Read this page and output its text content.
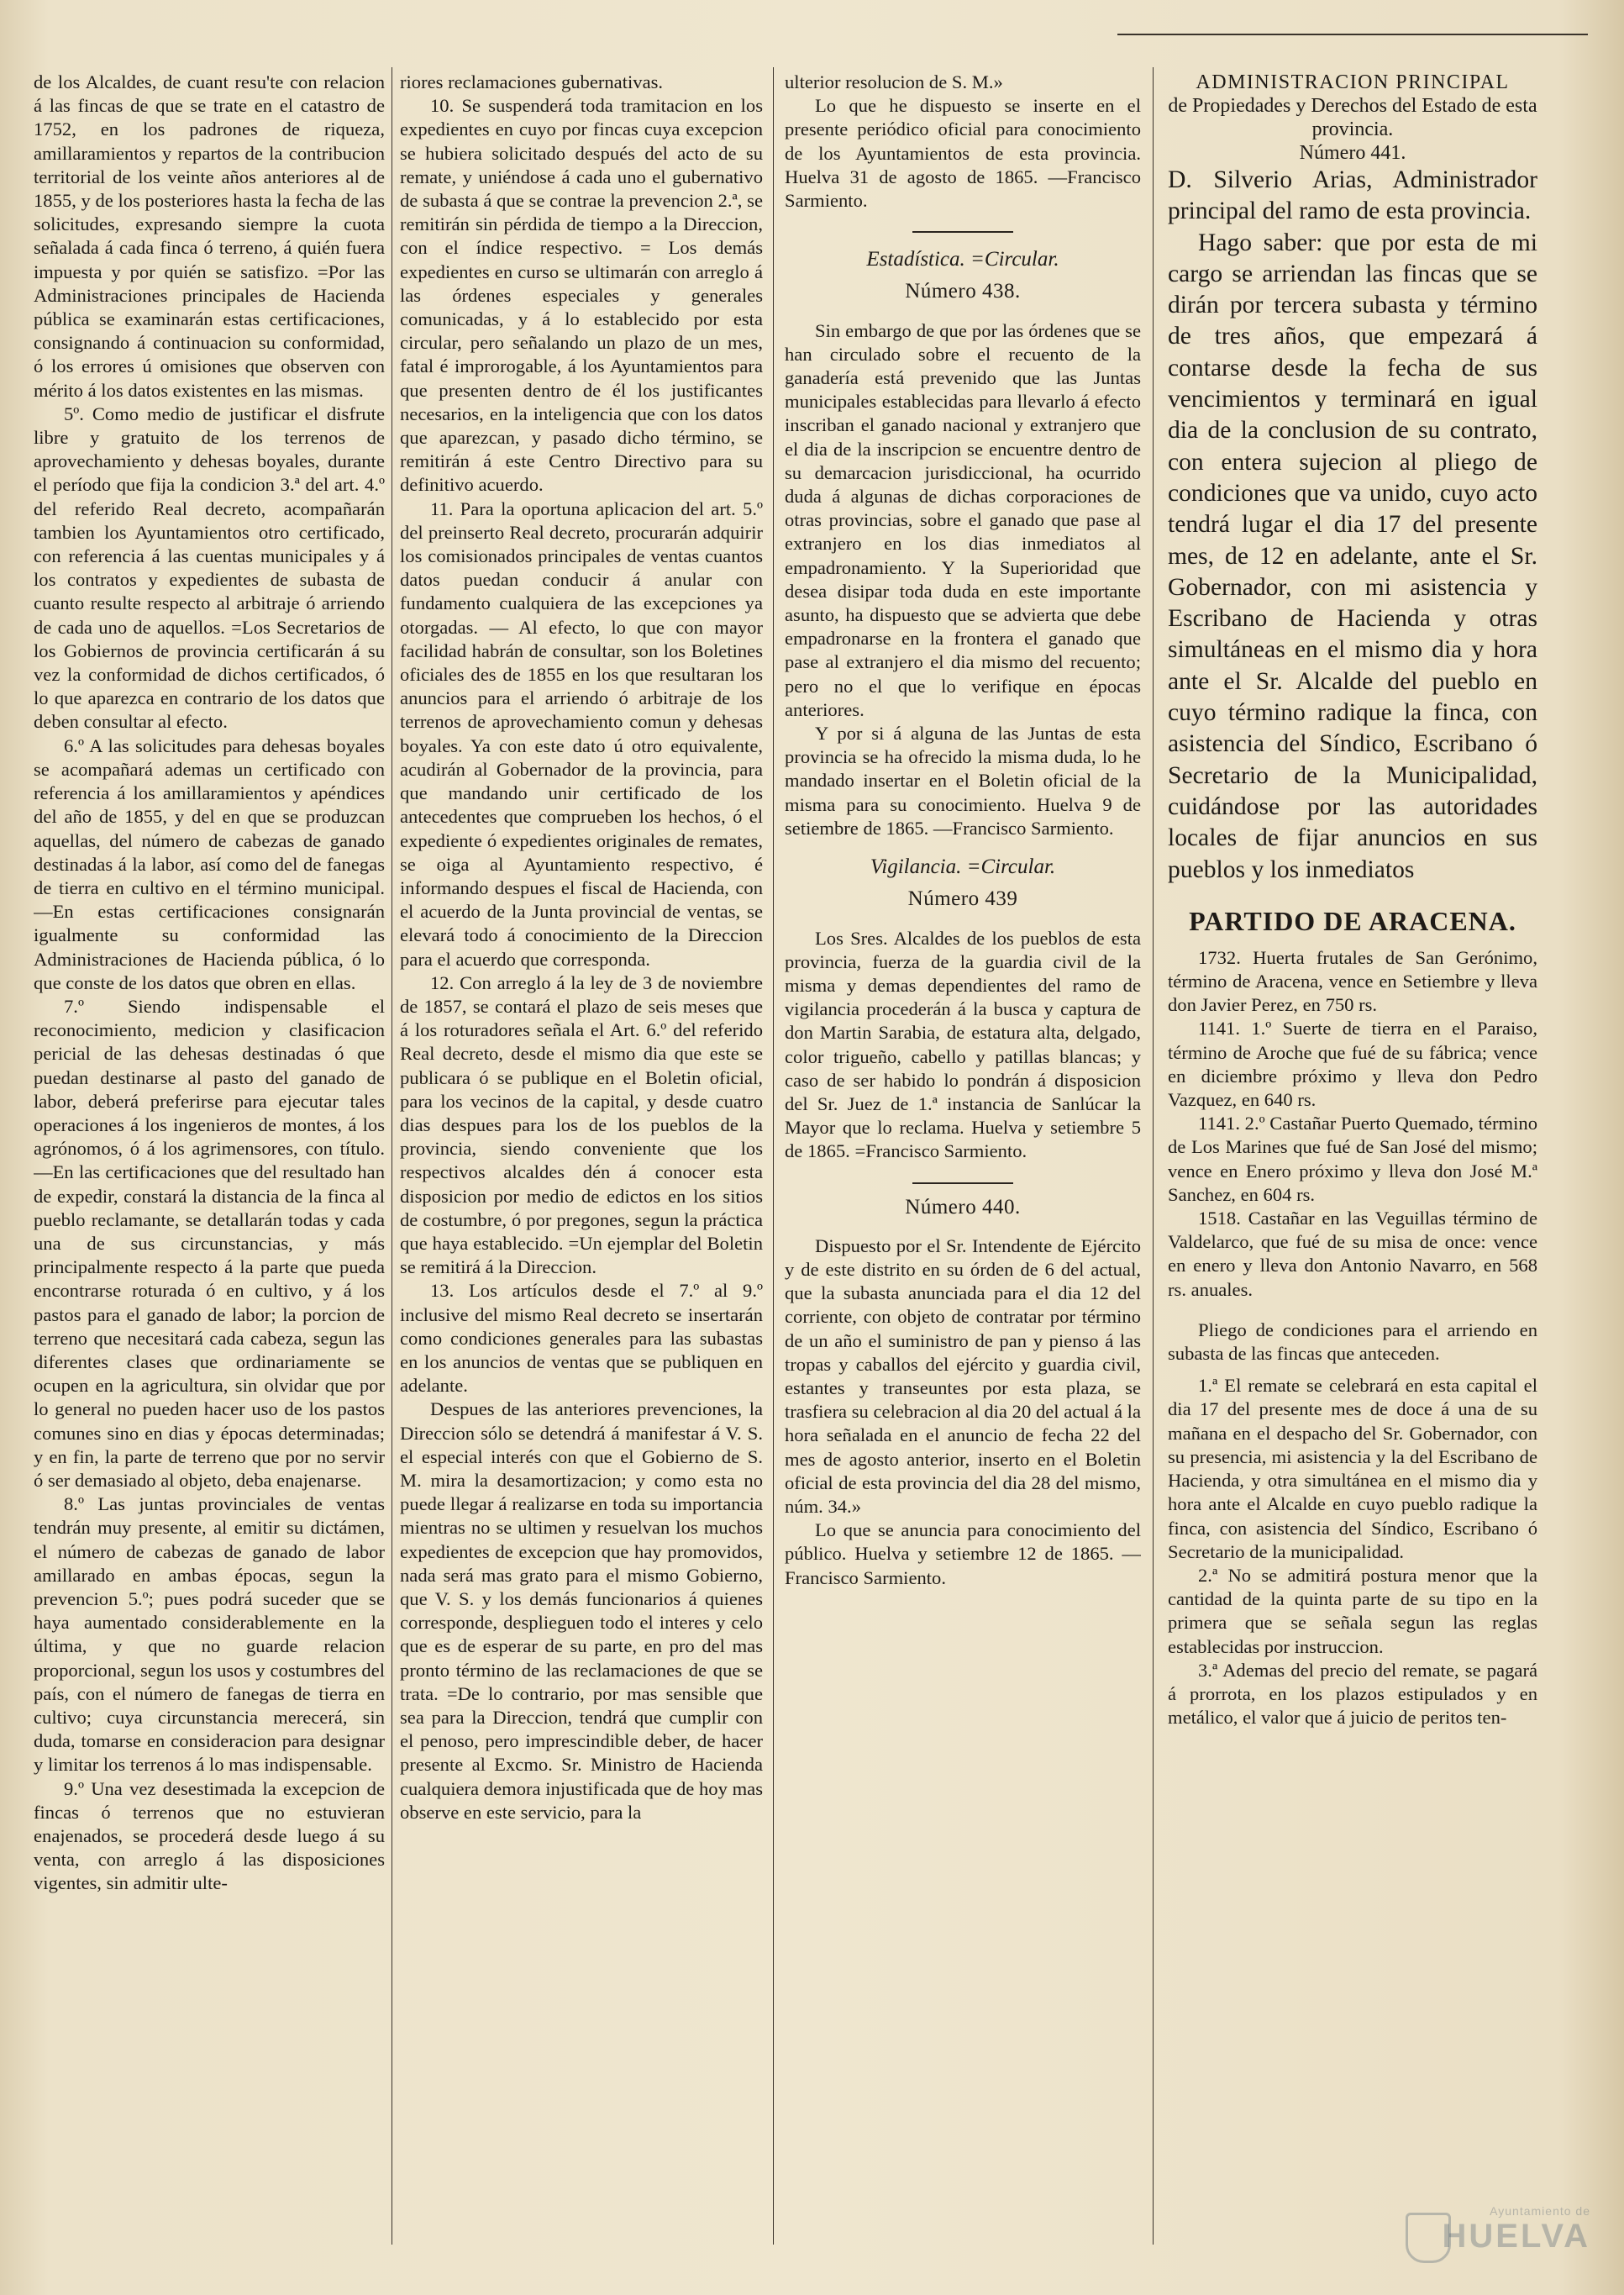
de los Alcaldes, de cuant resu'te con relacion á las fincas de que se trate en el catastro de 1752, en los padrones de riqueza, amillaramientos y repartos de la contribucion territorial de los veinte años anteriores al de 1855, y de los posteriores hasta la fecha de las solicitudes, expresando siempre la cuota señalada á cada finca ó terreno, á quién fuera impuesta y por quién se satisfizo. =Por las Administraciones principales de Hacienda pública se examinarán estas certificaciones, consignando á continuacion su conformidad, ó los errores ú omisiones que observen con mérito á los datos existentes en las mismas.

5º. Como medio de justificar el disfrute libre y gratuito de los terrenos de aprovechamiento y dehesas boyales, durante el período que fija la condicion 3.ª del art. 4.º del referido Real decreto, acompañarán tambien los Ayuntamientos otro certificado, con referencia á las cuentas municipales y á los contratos y expedientes de subasta de cuanto resulte respecto al arbitraje ó arriendo de cada uno de aquellos. =Los Secretarios de los Gobiernos de provincia certificarán á su vez la conformidad de dichos certificados, ó lo que aparezca en contrario de los datos que deben consultar al efecto.

6.º A las solicitudes para dehesas boyales se acompañará ademas un certificado con referencia á los amillaramientos y apéndices del año de 1855, y del en que se produzcan aquellas, del número de cabezas de ganado destinadas á la labor, así como del de fanegas de tierra en cultivo en el término municipal. —En estas certificaciones consignarán igualmente su conformidad las Administraciones de Hacienda pública, ó lo que conste de los datos que obren en ellas.

7.º Siendo indispensable el reconocimiento, medicion y clasificacion pericial de las dehesas destinadas ó que puedan destinarse al pasto del ganado de labor, deberá preferirse para ejecutar tales operaciones á los ingenieros de montes, á los agrónomos, ó á los agrimensores, con título. —En las certificaciones que del resultado han de expedir, constará la distancia de la finca al pueblo reclamante, se detallarán todas y cada una de sus circunstancias, y más principalmente respecto á la parte que pueda encontrarse roturada ó en cultivo, y á los pastos para el ganado de labor; la porcion de terreno que necesitará cada cabeza, segun las diferentes clases que ordinariamente se ocupen en la agricultura, sin olvidar que por lo general no pueden hacer uso de los pastos comunes sino en dias y épocas determinadas; y en fin, la parte de terreno que por no servir ó ser demasiado al objeto, deba enajenarse.

8.º Las juntas provinciales de ventas tendrán muy presente, al emitir su dictámen, el número de cabezas de ganado de labor amillarado en ambas épocas, segun la prevencion 5.º; pues podrá suceder que se haya aumentado considerablemente en la última, y que no guarde relacion proporcional, segun los usos y costumbres del país, con el número de fanegas de tierra en cultivo; cuya circunstancia merecerá, sin duda, tomarse en consideracion para designar y limitar los terrenos á lo mas indispensable.

9.º Una vez desestimada la excepcion de fincas ó terrenos que no estuvieran enajenados, se procederá desde luego á su venta, con arreglo á las disposiciones vigentes, sin admitir ulte-

riores reclamaciones gubernativas.

10. Se suspenderá toda tramitacion en los expedientes en cuyo por fincas cuya excepcion se hubiera solicitado después del acto de su remate, y uniéndose á cada uno el gubernativo de subasta á que se contrae la prevencion 2.ª, se remitirán sin pérdida de tiempo a la Direccion, con el índice respectivo. = Los demás expedientes en curso se ultimarán con arreglo á las órdenes especiales y generales comunicadas, y á lo establecido por esta circular, pero señalando un plazo de un mes, fatal é improrogable, á los Ayuntamientos para que presenten dentro de él los justificantes necesarios, en la inteligencia que con los datos que aparezcan, y pasado dicho término, se remitirán á este Centro Directivo para su definitivo acuerdo.

11. Para la oportuna aplicacion del art. 5.º del preinserto Real decreto, procurarán adquirir los comisionados principales de ventas cuantos datos puedan conducir á anular con fundamento cualquiera de las excepciones ya otorgadas. — Al efecto, lo que con mayor facilidad habrán de consultar, son los Boletines oficiales des de 1855 en los que resultaran los anuncios para el arriendo ó arbitraje de los terrenos de aprovechamiento comun y dehesas boyales. Ya con este dato ú otro equivalente, acudirán al Gobernador de la provincia, para que mandando unir certificado de los antecedentes que comprueben los hechos, ó el expediente ó expedientes originales de remates, se oiga al Ayuntamiento respectivo, é informando despues el fiscal de Hacienda, con el acuerdo de la Junta provincial de ventas, se elevará todo á conocimiento de la Direccion para el acuerdo que corresponda.

12. Con arreglo á la ley de 3 de noviembre de 1857, se contará el plazo de seis meses que á los roturadores señala el Art. 6.º del referido Real decreto, desde el mismo dia que este se publicara ó se publique en el Boletin oficial, para los vecinos de la capital, y desde cuatro dias despues para los de los pueblos de la provincia, siendo conveniente que los respectivos alcaldes dén á conocer esta disposicion por medio de edictos en los sitios de costumbre, ó por pregones, segun la práctica que haya establecido. =Un ejemplar del Boletin se remitirá á la Direccion.

13. Los artículos desde el 7.º al 9.º inclusive del mismo Real decreto se insertarán como condiciones generales para las subastas en los anuncios de ventas que se publiquen en adelante.

Despues de las anteriores prevenciones, la Direccion sólo se detendrá á manifestar á V. S. el especial interés con que el Gobierno de S. M. mira la desamortizacion; y como esta no puede llegar á realizarse en toda su importancia mientras no se ultimen y resuelvan los muchos expedientes de excepcion que hay promovidos, nada será mas grato para el mismo Gobierno, que V. S. y los demás funcionarios á quienes corresponde, desplieguen todo el interes y celo que es de esperar de su parte, en pro del mas pronto término de las reclamaciones de que se trata. =De lo contrario, por mas sensible que sea para la Direccion, tendrá que cumplir con el penoso, pero imprescindible deber, de hacer presente al Excmo. Sr. Ministro de Hacienda cualquiera demora injustificada que de hoy mas observe en este servicio, para la

ulterior resolucion de S. M.»

Lo que he dispuesto se inserte en el presente periódico oficial para conocimiento de los Ayuntamientos de esta provincia. Huelva 31 de agosto de 1865. —Francisco Sarmiento.

Estadística. =Circular.
Número 438.

Sin embargo de que por las órdenes que se han circulado sobre el recuento de la ganadería está prevenido que las Juntas municipales establecidas para llevarlo á efecto inscriban el ganado nacional y extranjero que el dia de la inscripcion se encuentre dentro de su demarcacion jurisdiccional, ha ocurrido duda á algunas de dichas corporaciones de otras provincias, sobre el ganado que pase al extranjero en los dias inmediatos al empadronamiento. Y la Superioridad que desea disipar toda duda en este importante asunto, ha dispuesto que se advierta que debe empadronarse en la frontera el ganado que pase al extranjero el dia mismo del recuento; pero no el que lo verifique en épocas anteriores.

Y por si á alguna de las Juntas de esta provincia se ha ofrecido la misma duda, lo he mandado insertar en el Boletin oficial de la misma para su conocimiento. Huelva 9 de setiembre de 1865. —Francisco Sarmiento.

Vigilancia. =Circular.
Número 439

Los Sres. Alcaldes de los pueblos de esta provincia, fuerza de la guardia civil de la misma y demas dependientes del ramo de vigilancia procederán á la busca y captura de don Martin Sarabia, de estatura alta, delgado, color trigueño, cabello y patillas blancas; y caso de ser habido lo pondrán á disposicion del Sr. Juez de 1.ª instancia de Sanlúcar la Mayor que lo reclama. Huelva y setiembre 5 de 1865. =Francisco Sarmiento.

Número 440.

Dispuesto por el Sr. Intendente de Ejército y de este distrito en su órden de 6 del actual, que la subasta anunciada para el dia 12 del corriente, con objeto de contratar por término de un año el suministro de pan y pienso á las tropas y caballos del ejército y guardia civil, estantes y transeuntes por esta plaza, se trasfiera su celebracion al dia 20 del actual á la hora señalada en el anuncio de fecha 22 del mes de agosto anterior, inserto en el Boletin oficial de esta provincia del dia 28 del mismo, núm. 34.»

Lo que se anuncia para conocimiento del público. Huelva y setiembre 12 de 1865. —Francisco Sarmiento.

ADMINISTRACION PRINCIPAL
de Propiedades y Derechos del Estado de esta provincia.
Número 441.

D. Silverio Arias, Administrador principal del ramo de esta provincia.

Hago saber: que por esta de mi cargo se arriendan las fincas que se dirán por tercera subasta y término de tres años, que empezará á contarse desde la fecha de sus vencimientos y terminará en igual dia de la conclusion de su contrato, con entera sujecion al pliego de condiciones que va unido, cuyo acto tendrá lugar el dia 17 del presente mes, de 12 en adelante, ante el Sr. Gobernador, con mi asistencia y Escribano de Hacienda y otras simultáneas en el mismo dia y hora ante el Sr. Alcalde del pueblo en cuyo término radique la finca, con asistencia del Síndico, Escribano ó Secretario de la Municipalidad, cuidándose por las autoridades locales de fijar anuncios en sus pueblos y los inmediatos

PARTIDO DE ARACENA.

1732. Huerta frutales de San Gerónimo, término de Aracena, vence en Setiembre y lleva don Javier Perez, en 750 rs.

1141. 1.º Suerte de tierra en el Paraiso, término de Aroche que fué de su fábrica; vence en diciembre próximo y lleva don Pedro Vazquez, en 640 rs.

1141. 2.º Castañar Puerto Quemado, término de Los Marines que fué de San José del mismo; vence en Enero próximo y lleva don José M.ª Sanchez, en 604 rs.

1518. Castañar en las Veguillas término de Valdelarco, que fué de su misa de once: vence en enero y lleva don Antonio Navarro, en 568 rs. anuales.

Pliego de condiciones para el arriendo en subasta de las fincas que anteceden.

1.ª El remate se celebrará en esta capital el dia 17 del presente mes de doce á una de su mañana en el despacho del Sr. Gobernador, con su presencia, mi asistencia y la del Escribano de Hacienda, y otra simultánea en el mismo dia y hora ante el Alcalde en cuyo pueblo radique la finca, con asistencia del Síndico, Escribano ó Secretario de la municipalidad.

2.ª No se admitirá postura menor que la cantidad de la quinta parte de su tipo en la primera que se señala segun las reglas establecidas por instruccion.

3.ª Ademas del precio del remate, se pagará á prorrota, en los plazos estipulados y en metálico, el valor que á juicio de peritos ten-

Ayuntamiento de
HUELVA
